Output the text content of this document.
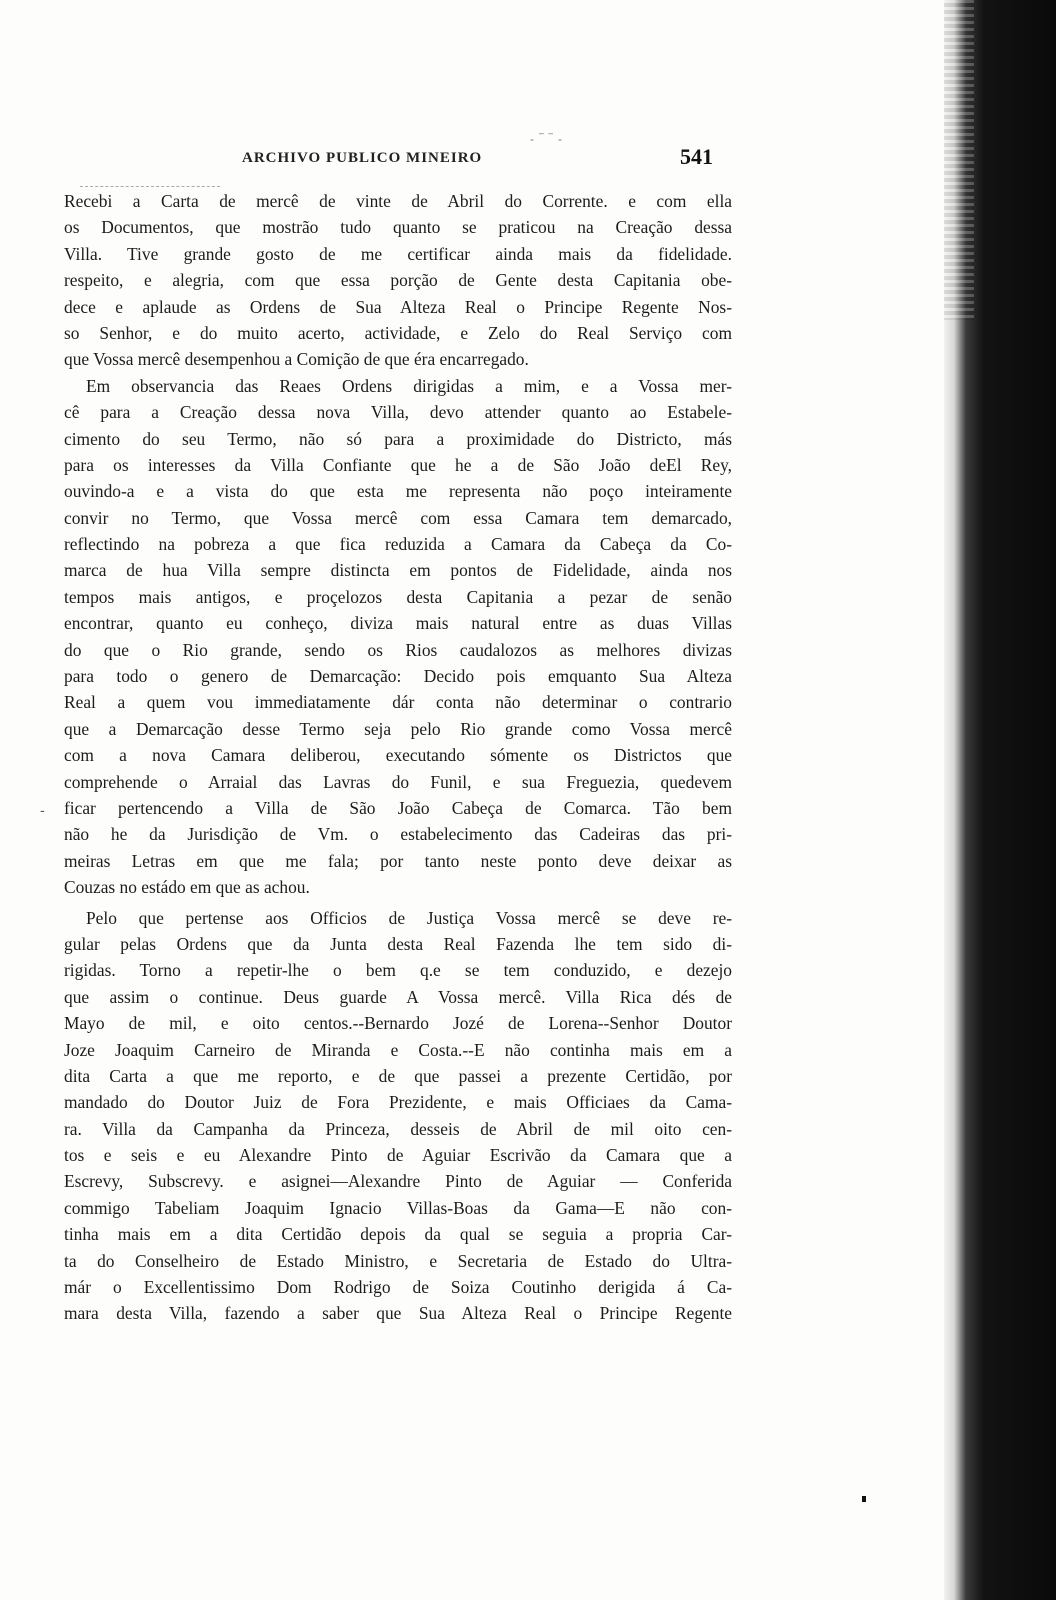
- ‾ ‾ -
ARCHIVO PUBLICO MINEIRO	541
-
Recebi a Carta de mercê de vinte de Abril do Corrente. e com ella
os Documentos, que mostrão tudo quanto se praticou na Creação dessa
Villa. Tive grande gosto de me certificar ainda mais da fidelidade.
respeito, e alegria, com que essa porção de Gente desta Capitania obe-
dece e aplaude as Ordens de Sua Alteza Real o Principe Regente Nos-
so Senhor, e do muito acerto, actividade, e Zelo do Real Serviço com
que Vossa mercê desempenhou a Comição de que éra encarregado.
Em observancia das Reaes Ordens dirigidas a mim, e a Vossa mer-
cê para a Creação dessa nova Villa, devo attender quanto ao Estabele-
cimento do seu Termo, não só para a proximidade do Districto, más
para os interesses da Villa Confiante que he a de São João deEl Rey,
ouvindo-a e a vista do que esta me representa não poço inteiramente
convir no Termo, que Vossa mercê com essa Camara tem demarcado,
reflectindo na pobreza a que fica reduzida a Camara da Cabeça da Co-
marca de hua Villa sempre distincta em pontos de Fidelidade, ainda nos
tempos mais antigos, e proçelozos desta Capitania a pezar de senão
encontrar, quanto eu conheço, diviza mais natural entre as duas Villas
do que o Rio grande, sendo os Rios caudalozos as melhores divizas
para todo o genero de Demarcação: Decido pois emquanto Sua Alteza
Real a quem vou immediatamente dár conta não determinar o contrario
que a Demarcação desse Termo seja pelo Rio grande como Vossa mercê
com a nova Camara deliberou, executando sómente os Districtos que
comprehende o Arraial das Lavras do Funil, e sua Freguezia, quedevem
ficar pertencendo a Villa de São João Cabeça de Comarca. Tão bem
não he da Jurisdição de Vm. o estabelecimento das Cadeiras das pri-
meiras Letras em que me fala; por tanto neste ponto deve deixar as
Couzas no estádo em que as achou.
Pelo que pertense aos Officios de Justiça Vossa mercê se deve re-
gular pelas Ordens que da Junta desta Real Fazenda lhe tem sido di-
rigidas. Torno a repetir-lhe o bem q.e se tem conduzido, e dezejo
que assim o continue. Deus guarde A Vossa mercê. Villa Rica dés de
Mayo de mil, e oito centos.--Bernardo Jozé de Lorena--Senhor Doutor
Joze Joaquim Carneiro de Miranda e Costa.--E não continha mais em a
dita Carta a que me reporto, e de que passei a prezente Certidão, por
mandado do Doutor Juiz de Fora Prezidente, e mais Officiaes da Cama-
ra. Villa da Campanha da Princeza, desseis de Abril de mil oito cen-
tos e seis e eu Alexandre Pinto de Aguiar Escrivão da Camara que a
Escrevy, Subscrevy. e asignei—Alexandre Pinto de Aguiar — Conferida
commigo Tabeliam Joaquim Ignacio Villas-Boas da Gama—E não con-
tinha mais em a dita Certidão depois da qual se seguia a propria Car-
ta do Conselheiro de Estado Ministro, e Secretaria de Estado do Ultra-
már o Excellentissimo Dom Rodrigo de Soiza Coutinho derigida á Ca-
mara desta Villa, fazendo a saber que Sua Alteza Real o Principe Regente
